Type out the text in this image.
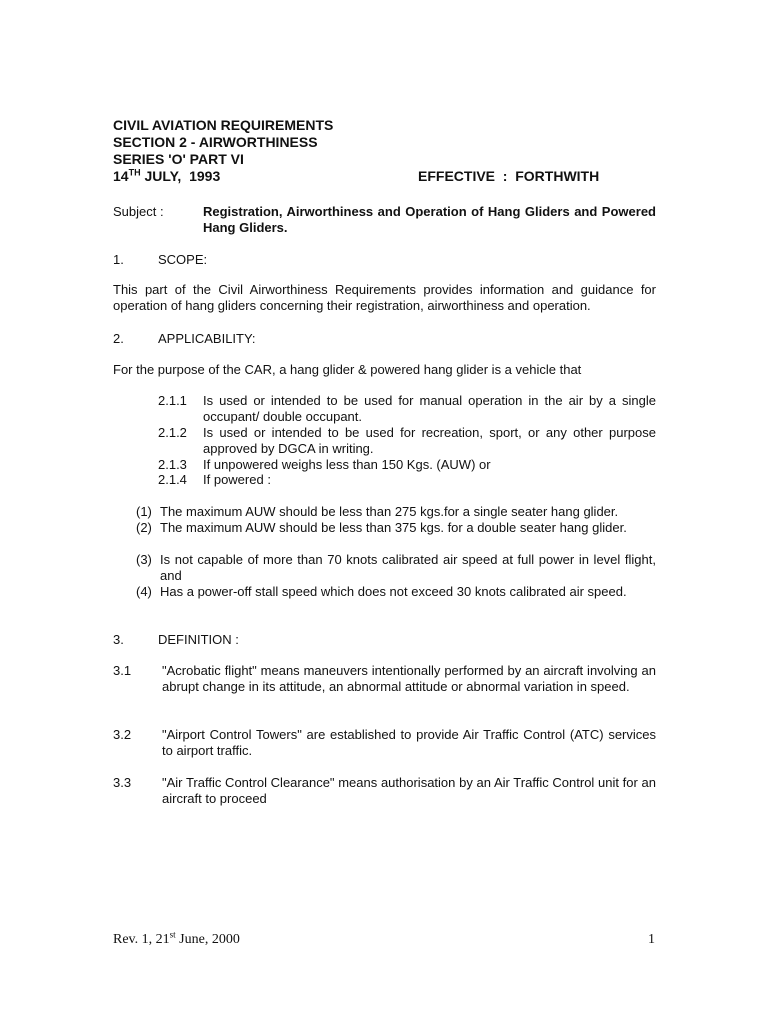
CIVIL AVIATION REQUIREMENTS
SECTION 2 - AIRWORTHINESS
SERIES 'O' PART VI
14TH JULY,  1993	EFFECTIVE  :  FORTHWITH
Subject :	Registration, Airworthiness and Operation of Hang Gliders and Powered Hang Gliders.
1.	SCOPE:
This part of the Civil Airworthiness Requirements provides information and guidance for operation of hang gliders concerning their registration, airworthiness and operation.
2.	APPLICABILITY:
For the purpose of the CAR, a hang glider & powered hang glider is a vehicle that
2.1.1 Is used or intended to be used for manual operation in the air by a single occupant/ double occupant.
2.1.2 Is used or intended to be used for recreation, sport, or any other purpose approved by DGCA in writing.
2.1.3 If unpowered weighs less than 150 Kgs. (AUW) or
2.1.4 If powered :
(1) The maximum AUW should be less than 275 kgs.for a single seater hang glider.
(2) The maximum AUW should be less than 375 kgs. for a double seater hang glider.
(3) Is not capable of more than 70 knots calibrated air speed at full power in level flight, and
(4) Has a power-off stall speed which does not exceed 30 knots calibrated air speed.
3.	DEFINITION :
3.1 "Acrobatic flight" means maneuvers intentionally performed by an aircraft involving an abrupt change in its attitude, an abnormal attitude or abnormal variation in speed.
3.2 "Airport Control Towers" are established to provide Air Traffic Control (ATC) services to airport traffic.
3.3 "Air Traffic Control Clearance" means authorisation by an Air Traffic Control unit for an aircraft to proceed
Rev. 1, 21st June, 2000	1
